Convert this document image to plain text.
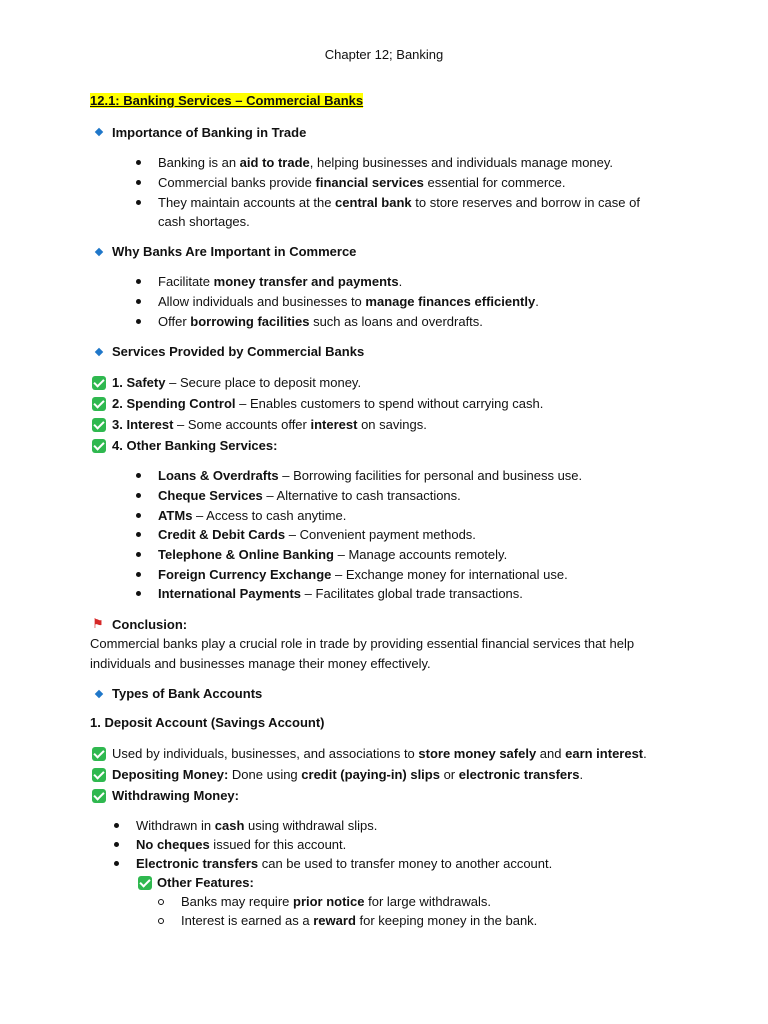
Chapter 12; Banking
12.1: Banking Services – Commercial Banks
Importance of Banking in Trade
Banking is an aid to trade, helping businesses and individuals manage money.
Commercial banks provide financial services essential for commerce.
They maintain accounts at the central bank to store reserves and borrow in case of
cash shortages.
Why Banks Are Important in Commerce
Facilitate money transfer and payments.
Allow individuals and businesses to manage finances efficiently.
Offer borrowing facilities such as loans and overdrafts.
Services Provided by Commercial Banks
1. Safety – Secure place to deposit money.
2. Spending Control – Enables customers to spend without carrying cash.
3. Interest – Some accounts offer interest on savings.
4. Other Banking Services:
Loans & Overdrafts – Borrowing facilities for personal and business use.
Cheque Services – Alternative to cash transactions.
ATMs – Access to cash anytime.
Credit & Debit Cards – Convenient payment methods.
Telephone & Online Banking – Manage accounts remotely.
Foreign Currency Exchange – Exchange money for international use.
International Payments – Facilitates global trade transactions.
⚑ Conclusion:
Commercial banks play a crucial role in trade by providing essential financial services that help
individuals and businesses manage their money effectively.
Types of Bank Accounts
1. Deposit Account (Savings Account)
Used by individuals, businesses, and associations to store money safely and earn interest.
Depositing Money: Done using credit (paying-in) slips or electronic transfers.
Withdrawing Money:
Withdrawn in cash using withdrawal slips.
No cheques issued for this account.
Electronic transfers can be used to transfer money to another account.
Other Features:
Banks may require prior notice for large withdrawals.
Interest is earned as a reward for keeping money in the bank.
